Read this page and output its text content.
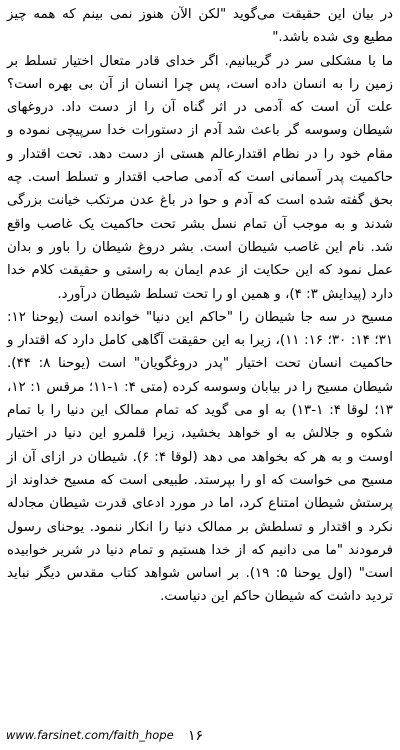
در بیان این حقیقت می‌گوید "لکن الآن هنوز نمی بینم که همه چیز مطیع وی شده باشد."

ما با مشکلی سر در گریبانیم. اگر خدای قادر متعال اختیار تسلط بر زمین را به انسان داده است، پس چرا انسان از آن بی بهره است؟ علت آن است که آدمی در اثر گناه آن را از دست داد. دروغهای شیطان وسوسه گر باعث شد آدم از دستورات خدا سرپیچی نموده و مقام خود را در نظام اقتدارعالم هستی از دست دهد. تحت اقتدار و حاکمیت پدر آسمانی است که آدمی صاحب اقتدار و تسلط است. چه بحق گفته شده است که آدم و حوا در باغ عدن مرتکب خیانت بزرگی شدند و به موجب آن تمام نسل بشر تحت حاکمیت یک غاصب واقع شد. نام این غاصب شیطان است. بشر دروغ شیطان را باور و بدان عمل نمود که این حکایت از عدم ایمان به راستی و حقیقت کلام خدا دارد (پیدایش ۳: ۴)، و همین او را تحت تسلط شیطان درآورد.

مسیح در سه جا شیطان را "حاکم این دنیا" خوانده است (یوحنا ۱۲: ۳۱؛ ۱۴: ۳۰؛ ۱۶: ۱۱)، زیرا به این حقیقت آگاهی کامل دارد که اقتدار و حاکمیت انسان تحت اختیار "پدر دروغگویان" است (یوحنا ۸: ۴۴). شیطان مسیح را در بیابان وسوسه کرده (متی ۴: ۱-۱۱؛ مرقس ۱: ۱۲، ۱۳؛ لوقا ۴: ۱-۱۳) به او می گوید که تمام ممالک این دنیا را با تمام شکوه و جلالش به او خواهد بخشید، زیرا قلمرو این دنیا در اختیار اوست و به هر که بخواهد می دهد (لوقا ۴: ۶). شیطان در ازای آن از مسیح می خواست که او را بپرستد. طبیعی است که مسیح خداوند از پرستش شیطان امتناع کرد، اما در مورد ادعای قدرت شیطان مجادله نکرد و اقتدار و تسلطش بر ممالک دنیا را انکار ننمود. یوحنای رسول فرمودند "ما می دانیم که از خدا هستیم و تمام دنیا در شریر خوابیده است" (اول یوحنا ۵: ۱۹). بر اساس شواهد کتاب مقدس دیگر نباید تردید داشت که شیطان حاکم این دنیاست.

www.farsinet.com/faith_hope ۱۶
